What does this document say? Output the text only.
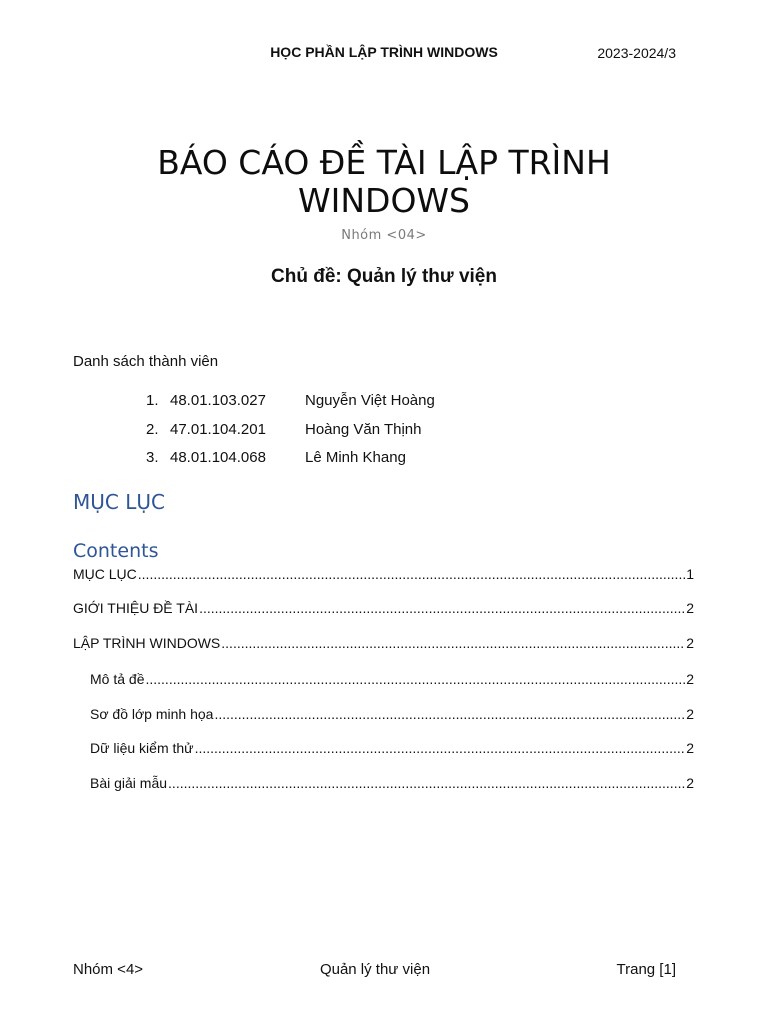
HỌC PHẦN LẬP TRÌNH WINDOWS	2023-2024/3
BÁO CÁO ĐỀ TÀI LẬP TRÌNH WINDOWS
Nhóm <04>
Chủ đề: Quản lý thư viện
Danh sách thành viên
1. 48.01.103.027	Nguyễn Việt Hoàng
2. 47.01.104.201	Hoàng Văn Thịnh
3. 48.01.104.068	Lê Minh Khang
MỤC LỤC
Contents
MỤC LỤC .....	1
GIỚI THIỆU ĐỀ TÀI .....	2
LẬP TRÌNH WINDOWS .....	2
Mô tả đề .....	2
Sơ đồ lớp minh họa .....	2
Dữ liệu kiểm thử .....	2
Bài giải mẫu .....	2
Nhóm <4>	Quản lý thư viện	Trang [1]
